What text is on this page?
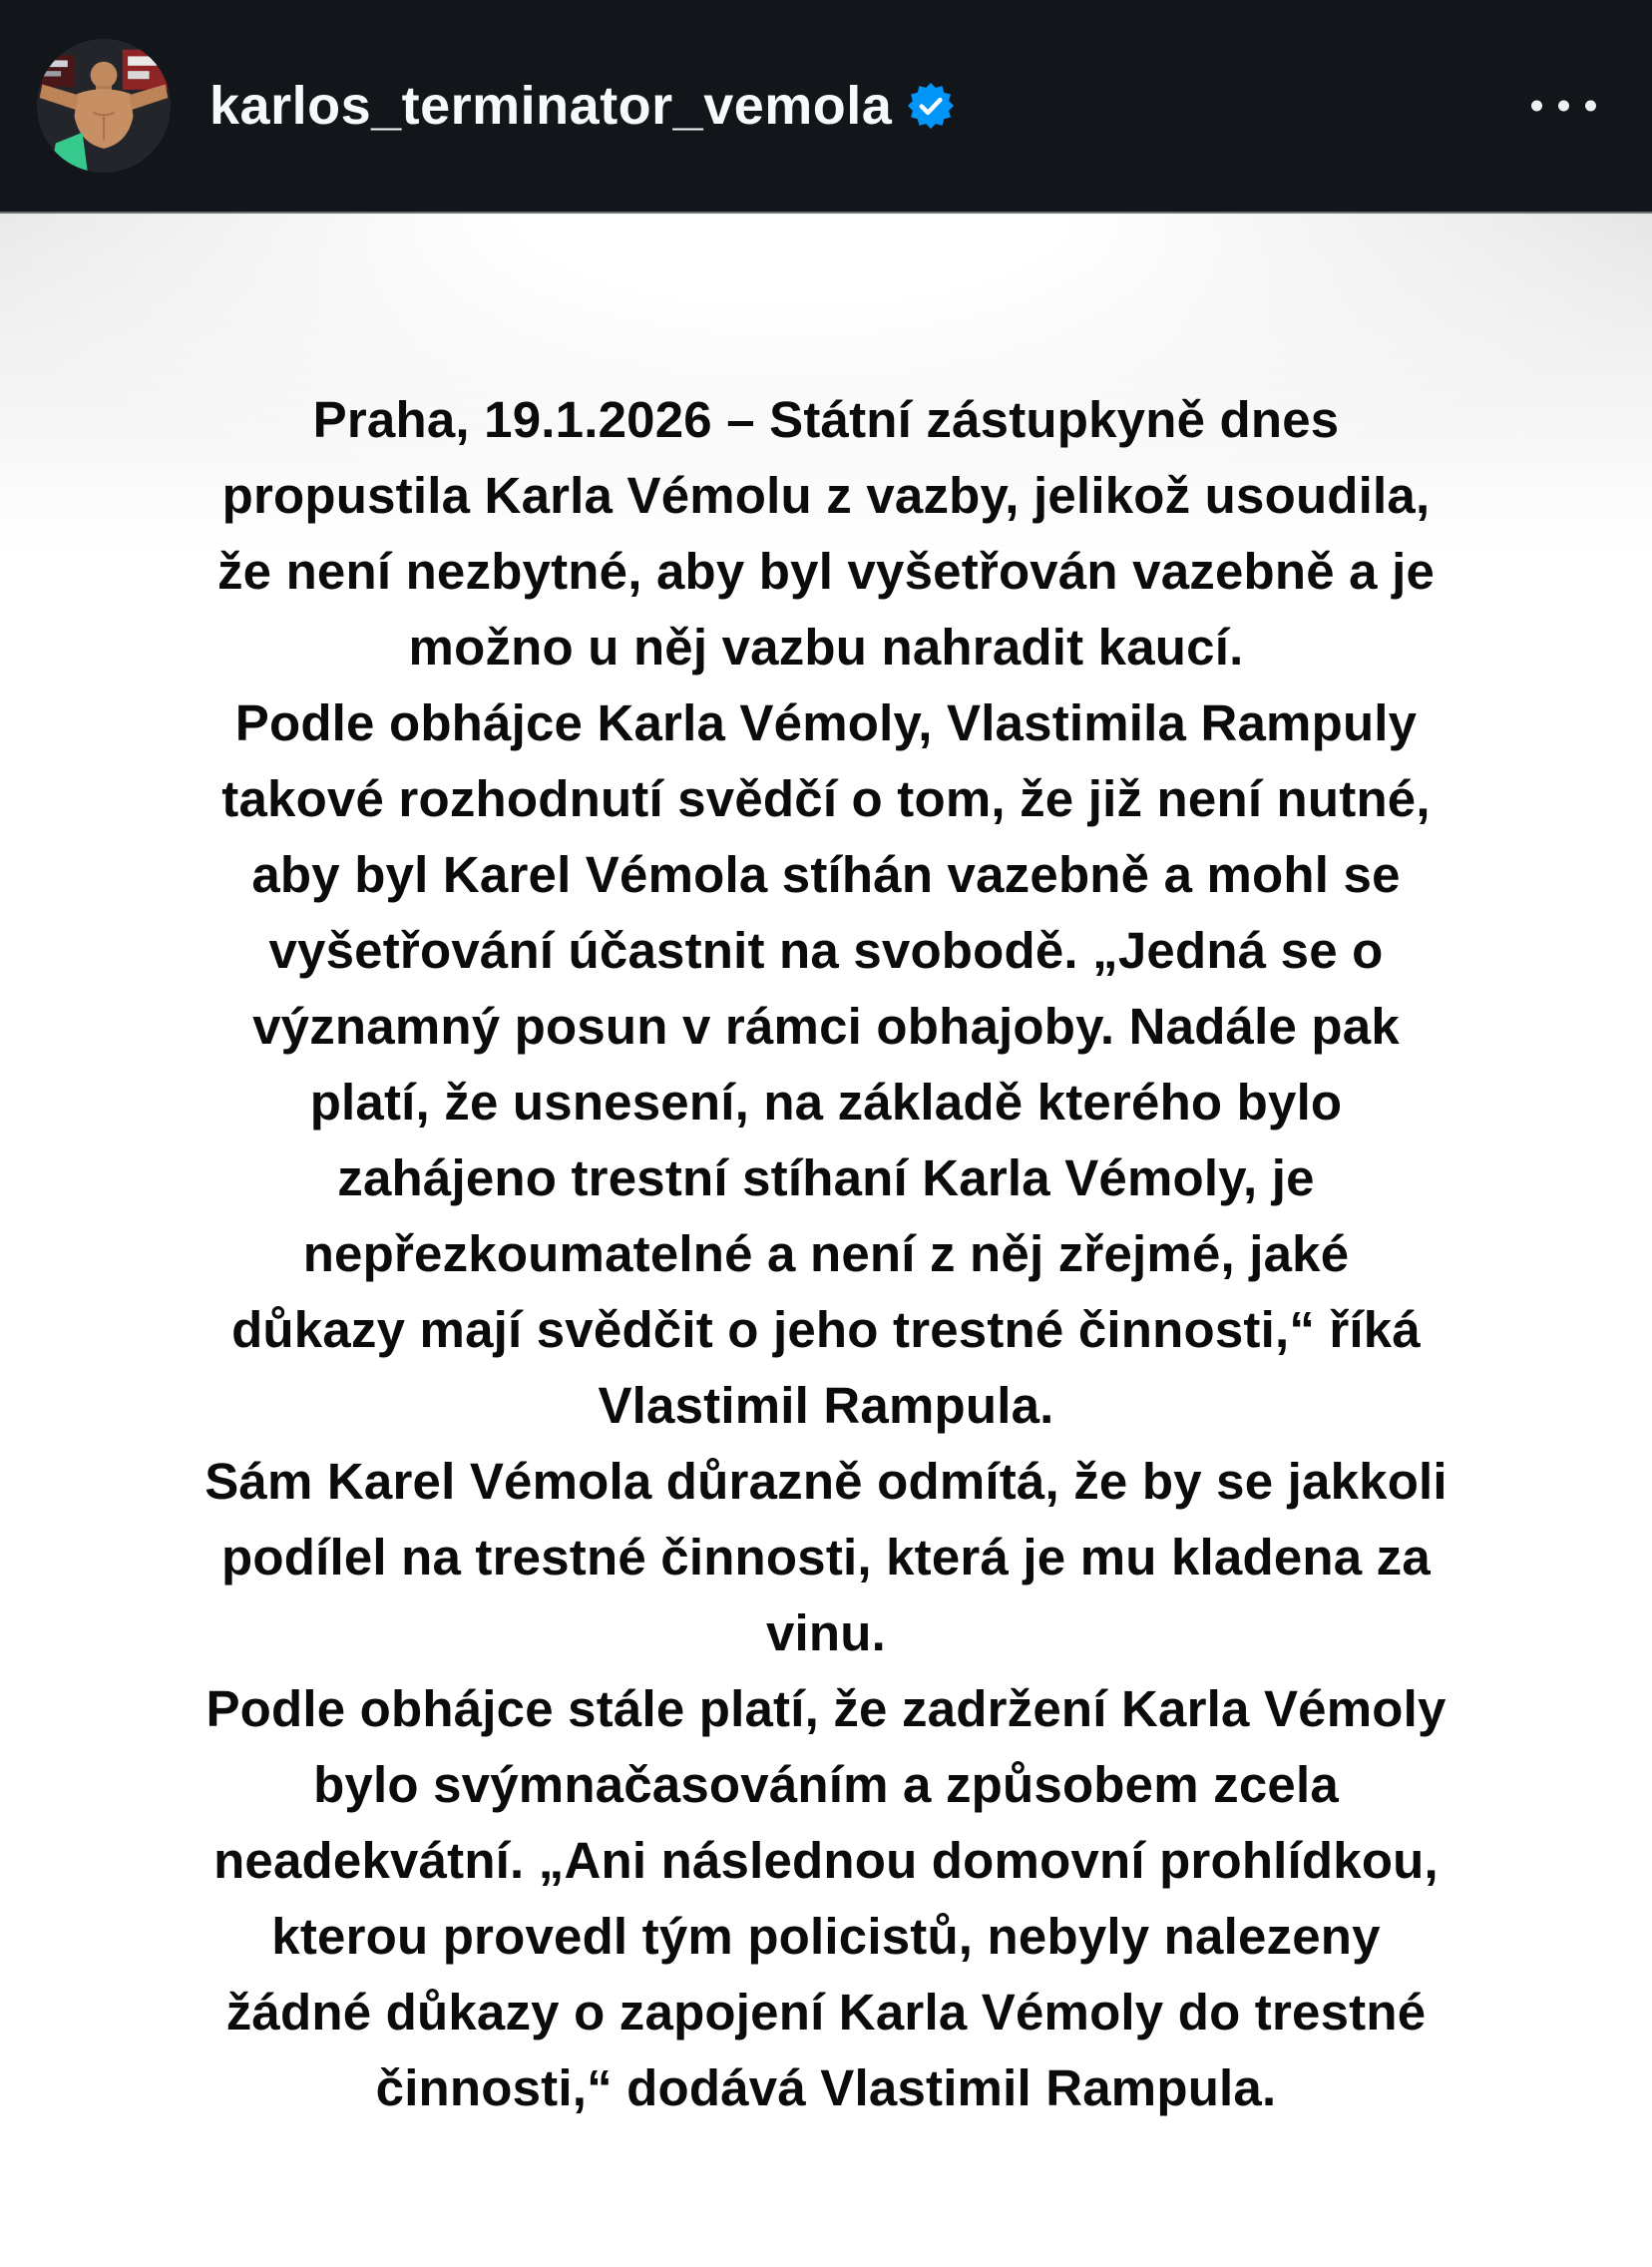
karlos_terminator_vemola
Praha, 19.1.2026 – Státní zástupkyně dnes
propustila Karla Vémolu z vazby, jelikož usoudila,
že není nezbytné, aby byl vyšetřován vazebně a je
možno u něj vazbu nahradit kaucí.
Podle obhájce Karla Vémoly, Vlastimila Rampuly
takové rozhodnutí svědčí o tom, že již není nutné,
aby byl Karel Vémola stíhán vazebně a mohl se
vyšetřování účastnit na svobodě. „Jedná se o
významný posun v rámci obhajoby. Nadále pak
platí, že usnesení, na základě kterého bylo
zahájeno trestní stíhaní Karla Vémoly, je
nepřezkoumatelné a není z něj zřejmé, jaké
důkazy mají svědčit o jeho trestné činnosti,“ říká
Vlastimil Rampula.
Sám Karel Vémola důrazně odmítá, že by se jakkoli
podílel na trestné činnosti, která je mu kladena za
vinu.
Podle obhájce stále platí, že zadržení Karla Vémoly
bylo svýmnačasováním a způsobem zcela
neadekvátní. „Ani následnou domovní prohlídkou,
kterou provedl tým policistů, nebyly nalezeny
žádné důkazy o zapojení Karla Vémoly do trestné
činnosti,“ dodává Vlastimil Rampula.
